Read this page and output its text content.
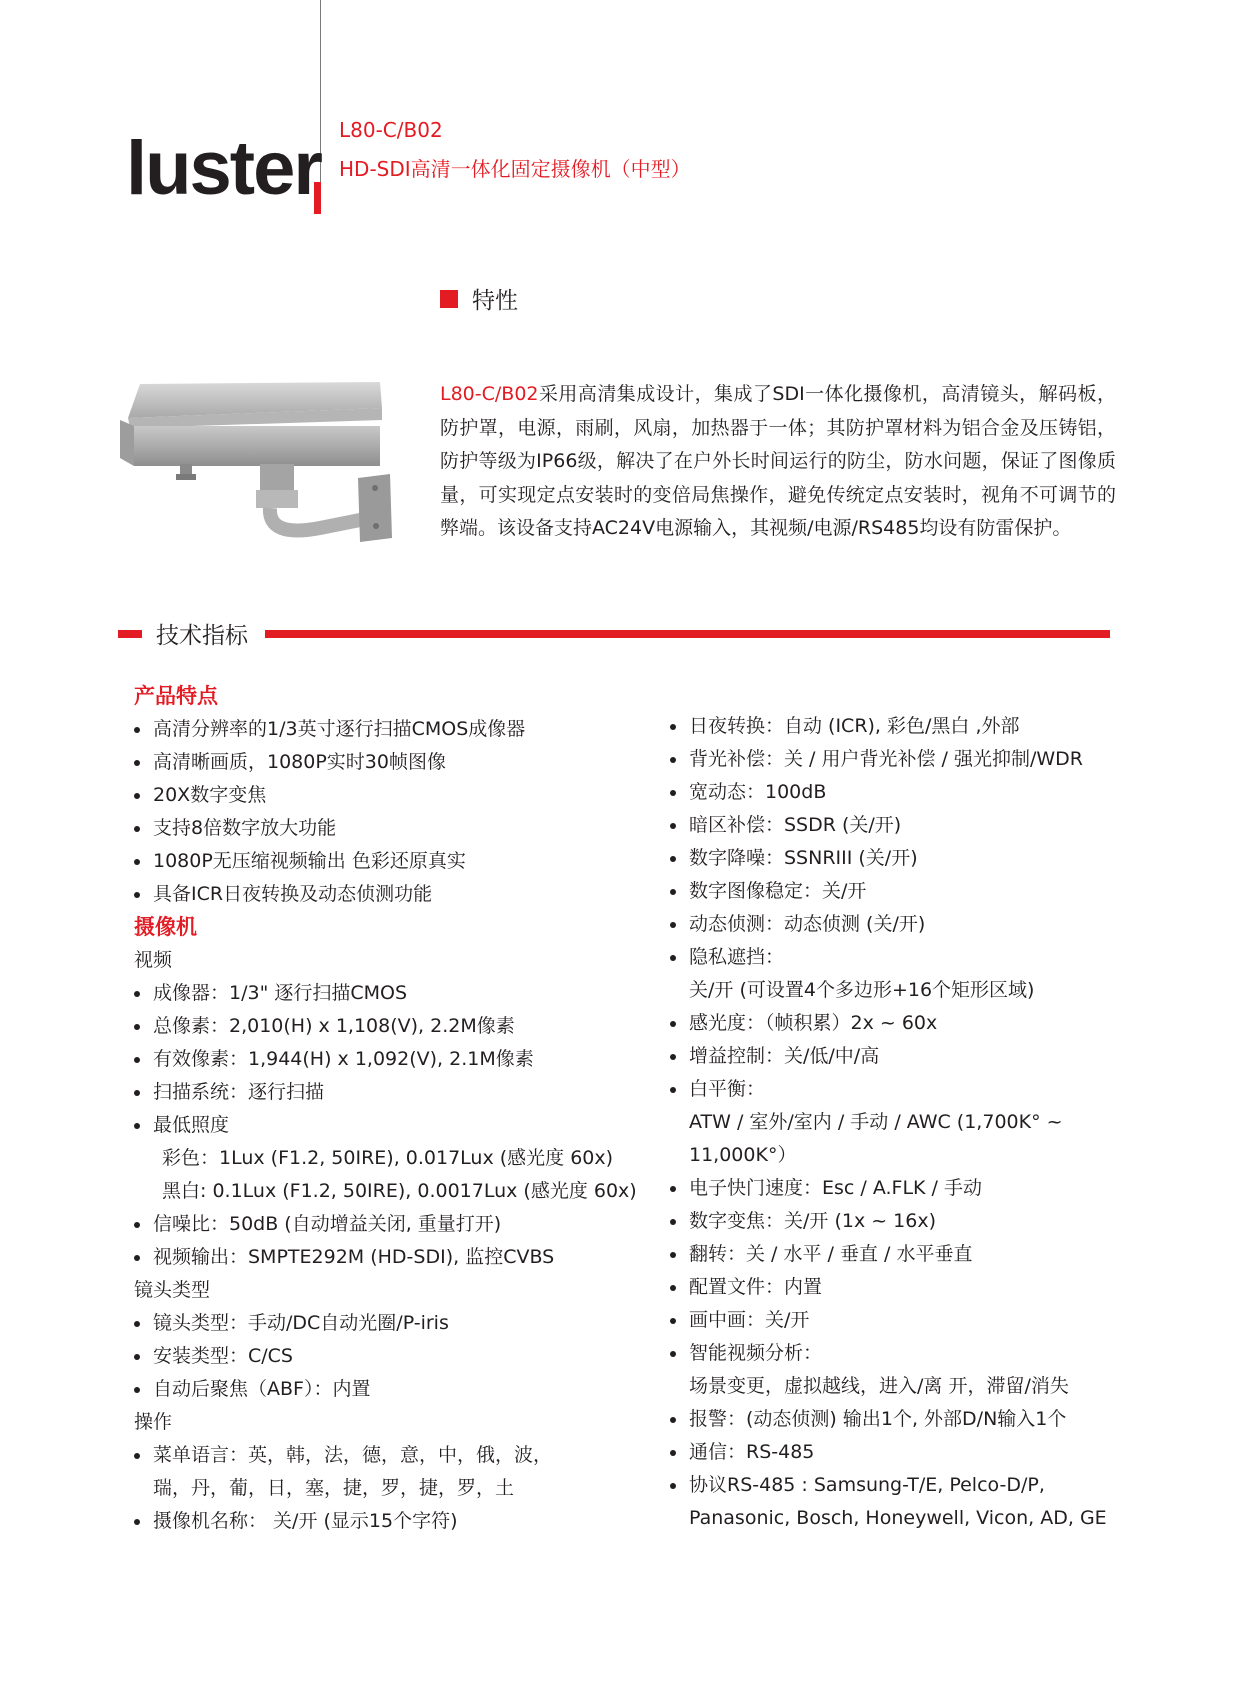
luster L80-C/B02
HD-SDI高清一体化固定摄像机（中型）
特性
L80-C/B02采用高清集成设计，集成了SDI一体化摄像机，高清镜头，解码板，防护罩，电源，雨刷，风扇，加热器于一体；其防护罩材料为铝合金及压铸铝，防护等级为IP66级，解决了在户外长时间运行的防尘，防水问题，保证了图像质量，可实现定点安装时的变倍局焦操作，避免传统定点安装时，视角不可调节的弊端。该设备支持AC24V电源输入，其视频/电源/RS485均设有防雷保护。
技术指标
产品特点
高清分辨率的1/3英寸逐行扫描CMOS成像器
高清晰画质，1080P实时30帧图像
20X数字变焦
支持8倍数字放大功能
1080P无压缩视频输出 色彩还原真实
具备ICR日夜转换及动态侦测功能
摄像机
视频
成像器：1/3" 逐行扫描CMOS
总像素：2,010(H) x 1,108(V), 2.2M像素
有效像素：1,944(H) x 1,092(V), 2.1M像素
扫描系统：逐行扫描
最低照度
彩色：1Lux (F1.2, 50IRE), 0.017Lux (感光度 60x)
黑白: 0.1Lux (F1.2, 50IRE), 0.0017Lux (感光度 60x)
信噪比：50dB (自动增益关闭, 重量打开)
视频输出：SMPTE292M (HD-SDI), 监控CVBS
镜头类型
镜头类型：手动/DC自动光圈/P-iris
安装类型：C/CS
自动后聚焦（ABF）：内置
操作
菜单语言：英，韩，法，德，意，中，俄，波，
瑞，丹，葡，日，塞，捷，罗，捷，罗，土
摄像机名称： 关/开 (显示15个字符)
日夜转换：自动 (ICR), 彩色/黑白 ,外部
背光补偿：关 / 用户背光补偿 / 强光抑制/WDR
宽动态：100dB
暗区补偿：SSDR (关/开)
数字降噪：SSNRIII (关/开)
数字图像稳定：关/开
动态侦测：动态侦测 (关/开)
隐私遮挡：
关/开 (可设置4个多边形+16个矩形区域)
感光度：（帧积累）2x ~ 60x
增益控制：关/低/中/高
白平衡：
ATW / 室外/室内 / 手动 / AWC (1,700K° ~
11,000K°）
电子快门速度：Esc / A.FLK / 手动
数字变焦：关/开 (1x ~ 16x)
翻转：关 / 水平 / 垂直 / 水平垂直
配置文件：内置
画中画：关/开
智能视频分析：
场景变更，虚拟越线，进入/离 开，滞留/消失
报警：(动态侦测) 输出1个, 外部D/N输入1个
通信：RS-485
协议RS-485 : Samsung-T/E, Pelco-D/P,
Panasonic, Bosch, Honeywell, Vicon, AD, GE
